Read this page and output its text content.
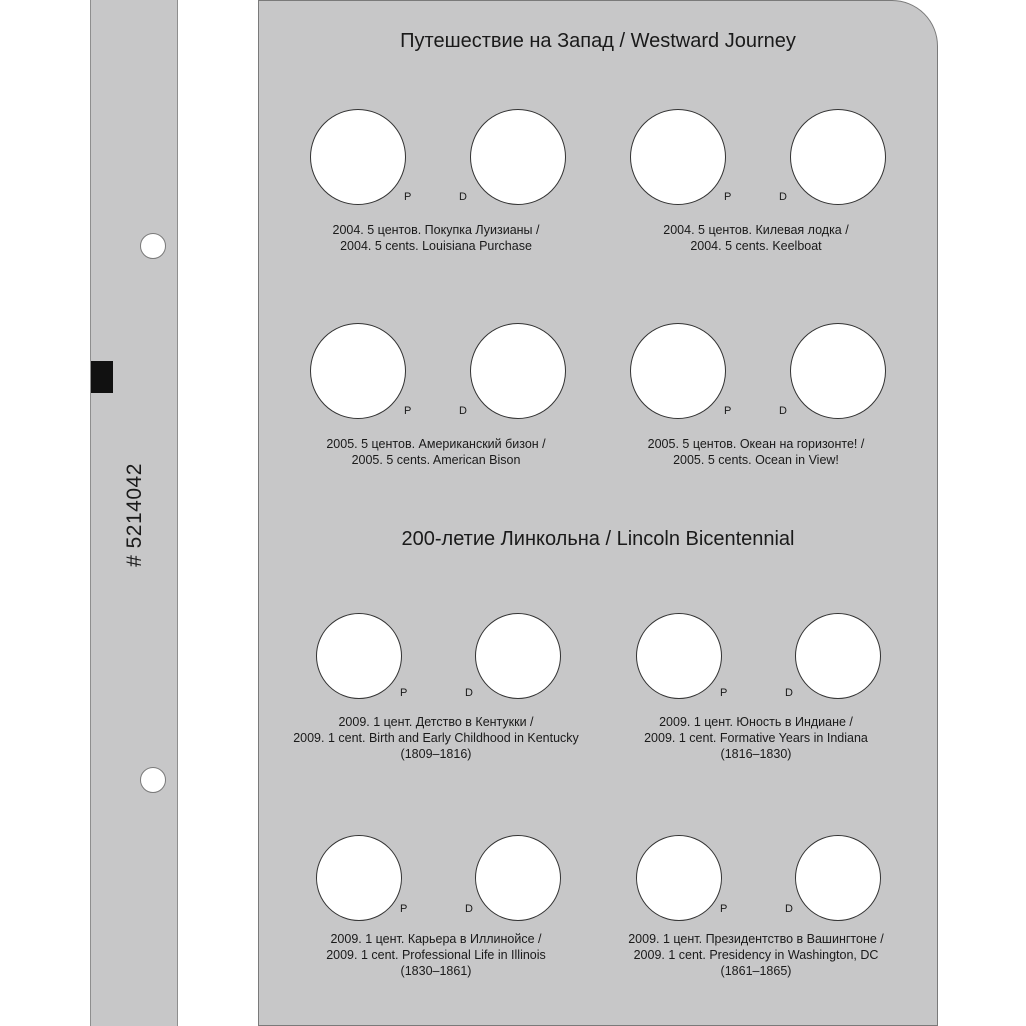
# 5214042
Путешествие на Запад / Westward Journey
P	D
2004. 5 центов. Покупка Луизианы /
2004. 5 cents. Louisiana Purchase
P	D
2004. 5 центов. Килевая лодка /
2004. 5 cents. Keelboat
P	D
2005. 5 центов. Американский бизон /
2005. 5 cents. American Bison
P	D
2005. 5 центов. Океан на горизонте! /
2005. 5 cents. Ocean in View!
200-летие Линкольна / Lincoln Bicentennial
P	D
2009. 1 цент. Детство в Кентукки /
2009. 1 cent. Birth and Early Childhood in Kentucky
(1809–1816)
P	D
2009. 1 цент. Юность в Индиане /
2009. 1 cent. Formative Years in Indiana
(1816–1830)
P	D
2009. 1 цент. Карьера в Иллинойсе /
2009. 1 cent. Professional Life in Illinois
(1830–1861)
P	D
2009. 1 цент. Президентство в Вашингтоне /
2009. 1 cent. Presidency in Washington, DC
(1861–1865)
